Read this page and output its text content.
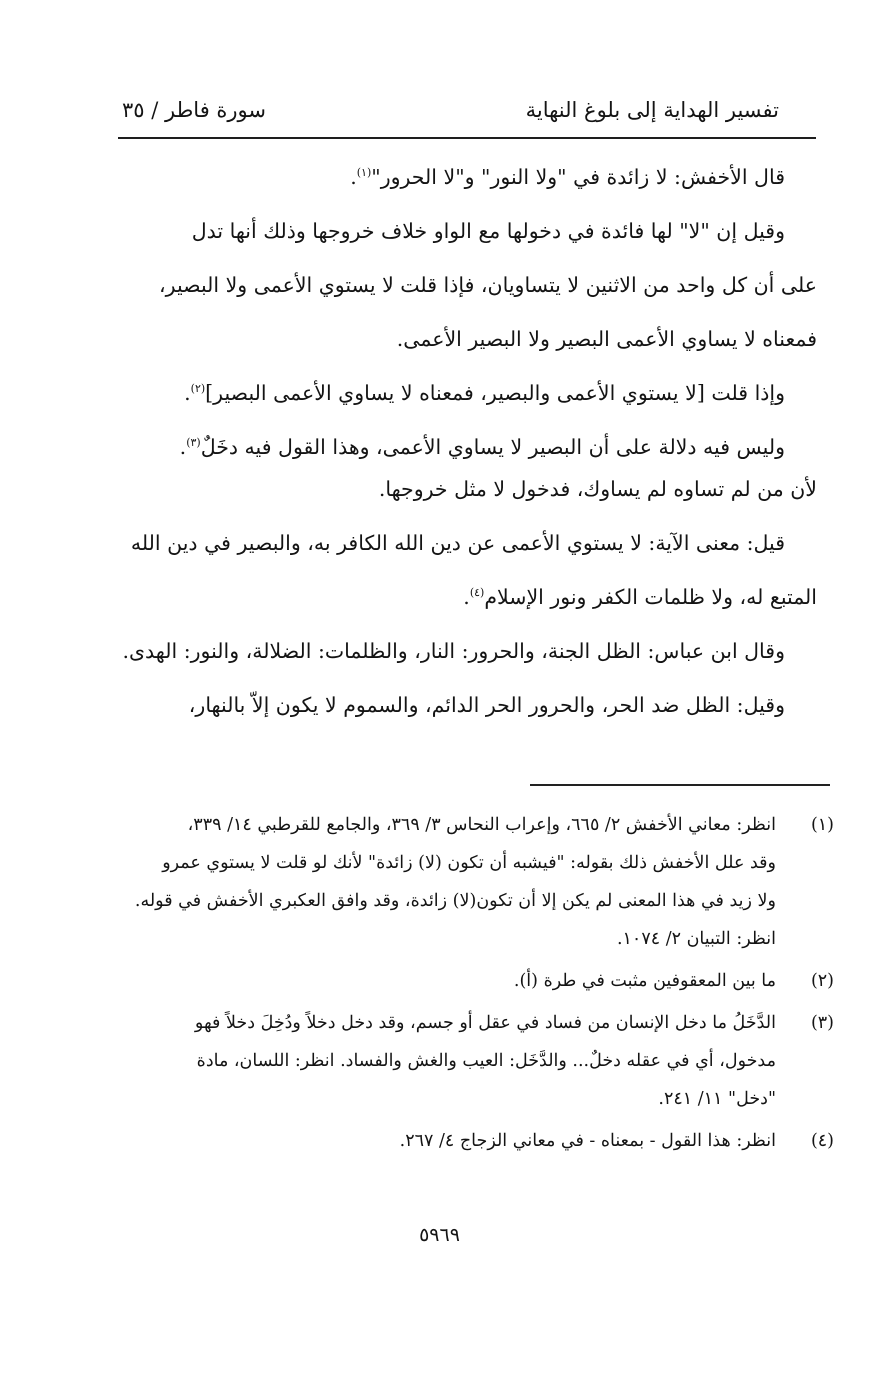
تفسير الهداية إلى بلوغ النهاية
سورة فاطر / ٣٥

قال الأخفش: لا زائدة في "ولا النور" و"لا الحرور"$^{(١)}$.

وقيل إن "لا" لها فائدة في دخولها مع الواو خلاف خروجها وذلك أنها تدل
على أن كل واحد من الاثنين لا يتساويان، فإذا قلت لا يستوي الأعمى ولا البصير،
فمعناه لا يساوي الأعمى البصير ولا البصير الأعمى.

وإذا قلت [لا يستوي الأعمى والبصير، فمعناه لا يساوي الأعمى البصير]$^{(٢)}$.

وليس فيه دلالة على أن البصير لا يساوي الأعمى، وهذا القول فيه دخَلٌ$^{(٣)}$.

لأن من لم تساوه لم يساوك، فدخول لا مثل خروجها.

قيل: معنى الآية: لا يستوي الأعمى عن دين الله الكافر به، والبصير في دين الله
المتبع له، ولا ظلمات الكفر ونور الإسلام$^{(٤)}$.

وقال ابن عباس: الظل الجنة، والحرور: النار، والظلمات: الضلالة، والنور: الهدى.

وقيل: الظل ضد الحر، والحرور الحر الدائم، والسموم لا يكون إلاّ بالنهار،

(١)
انظر: معاني الأخفش ٢/ ٦٦٥، وإعراب النحاس ٣/ ٣٦٩، والجامع للقرطبي ١٤/ ٣٣٩،
وقد علل الأخفش ذلك بقوله: "فيشبه أن تكون (لا) زائدة" لأنك لو قلت لا يستوي عمرو
ولا زيد في هذا المعنى لم يكن إلا أن تكون(لا) زائدة، وقد وافق العكبري الأخفش في قوله.
انظر: التبيان ٢/ ١٠٧٤.
(٢)
ما بين المعقوفين مثبت في طرة (أ).
(٣)
الدَّخَلُ ما دخل الإنسان من فساد في عقل أو جسم، وقد دخل دخلاً ودُخِلَ دخلاً فهو
مدخول، أي في عقله دخلٌ... والدَّخَل: العيب والغش والفساد. انظر: اللسان، مادة
"دخل" ١١/ ٢٤١.
(٤)
انظر: هذا القول - بمعناه - في معاني الزجاج ٤/ ٢٦٧.
٥٩٦٩
